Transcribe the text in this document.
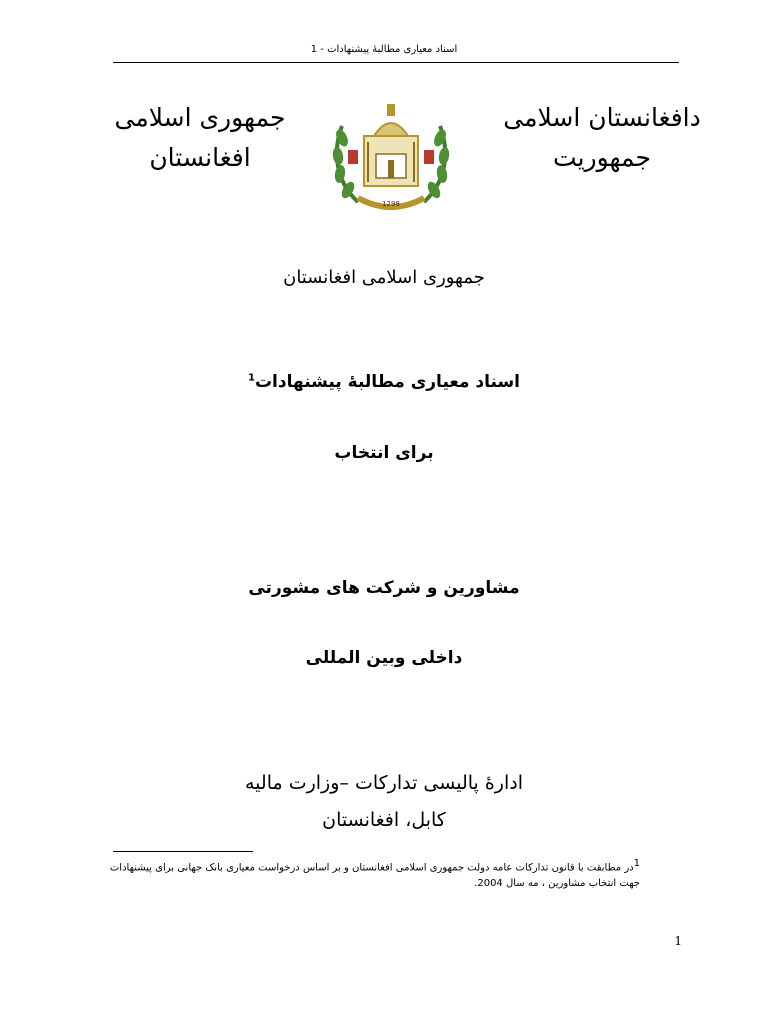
اسناد معیاری مطالبۀ پیشنهادات - 1
دافغانستان اسلامی
جمهوریت
جمهوری اسلامی
افغانستان
1298
جمهوری اسلامی افغانستان
اسناد معیاری مطالبۀ پیشنهادات$^1$
برای انتخاب
مشاورین و شرکت های مشورتی
داخلی وبین المللی
ادارۀ پالیسی تدارکات –وزارت مالیه
کابل، افغانستان
$^1$در مطابقت با قانون تدارکات عامه دولت جمهوری اسلامی افغانستان و بر اساس درخواست معیاری بانک جهانی برای پیشنهادات
جهت انتخاب مشاورین ، مه سال 2004.
1
